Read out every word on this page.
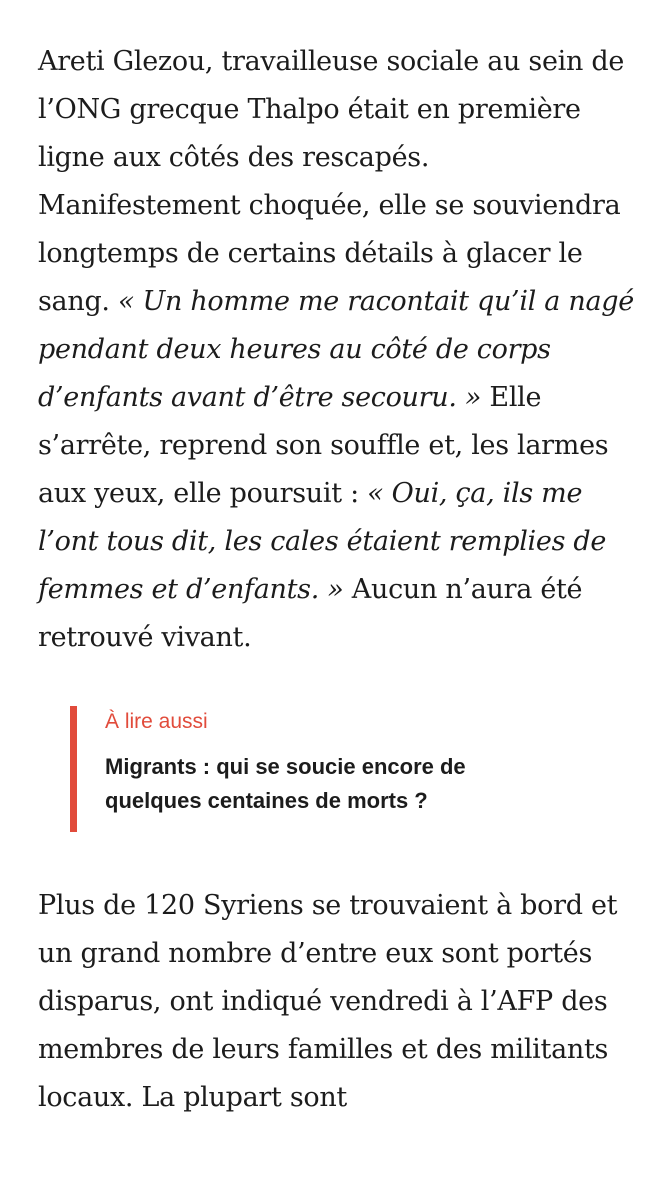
Areti Glezou, travailleuse sociale au sein de l’ONG grecque Thalpo était en première ligne aux côtés des rescapés. Manifestement choquée, elle se souviendra longtemps de certains détails à glacer le sang. « Un homme me racontait qu’il a nagé pendant deux heures au côté de corps d’enfants avant d’être secouru. » Elle s’arrête, reprend son souffle et, les larmes aux yeux, elle poursuit : « Oui, ça, ils me l’ont tous dit, les cales étaient remplies de femmes et d’enfants. » Aucun n’aura été retrouvé vivant.

À lire aussi

Migrants : qui se soucie encore de quelques centaines de morts ?

Plus de 120 Syriens se trouvaient à bord et un grand nombre d’entre eux sont portés disparus, ont indiqué vendredi à l’AFP des membres de leurs familles et des militants locaux. La plupart sont
